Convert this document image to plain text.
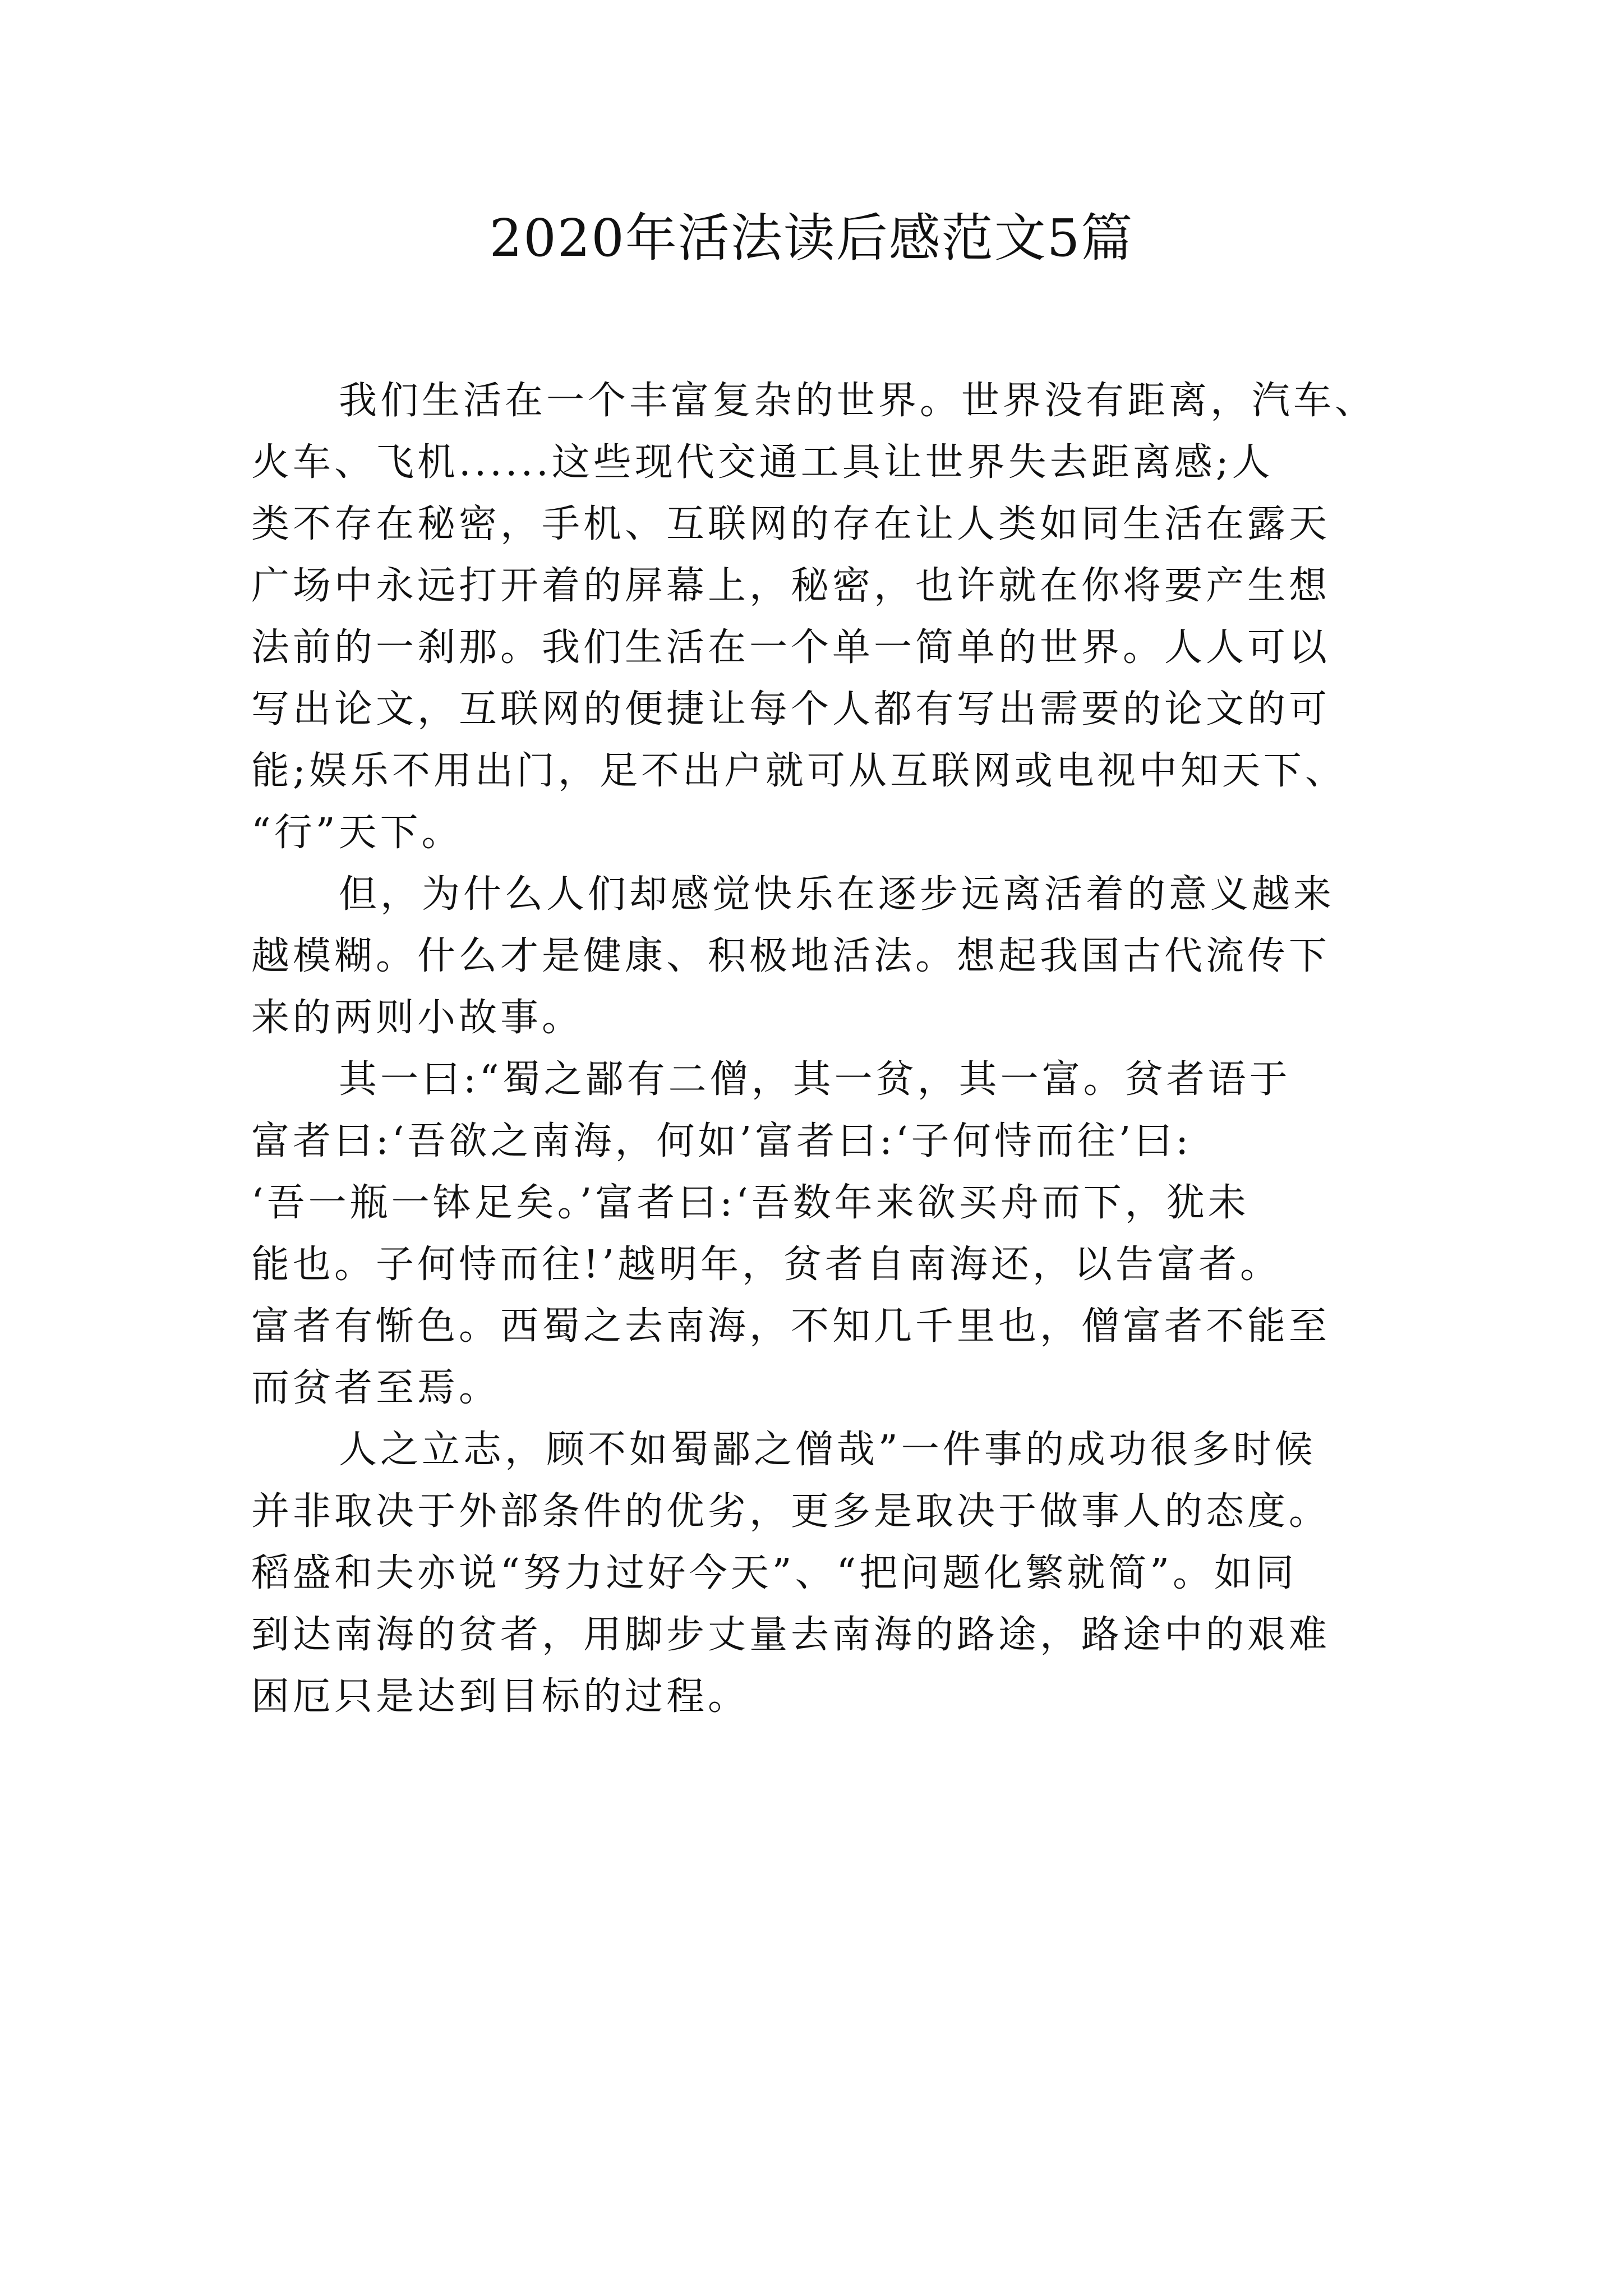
2020年活法读后感范文5篇
我们生活在一个丰富复杂的世界。世界没有距离，汽车、
火车、飞机......这些现代交通工具让世界失去距离感;人
类不存在秘密，手机、互联网的存在让人类如同生活在露天
广场中永远打开着的屏幕上，秘密，也许就在你将要产生想
法前的一刹那。我们生活在一个单一简单的世界。人人可以
写出论文，互联网的便捷让每个人都有写出需要的论文的可
能;娱乐不用出门，足不出户就可从互联网或电视中知天下、
“行”天下。
但，为什么人们却感觉快乐在逐步远离活着的意义越来
越模糊。什么才是健康、积极地活法。想起我国古代流传下
来的两则小故事。
其一曰:“蜀之鄙有二僧，其一贫，其一富。贫者语于
富者曰:‘吾欲之南海，何如’富者曰:‘子何恃而往’曰:
‘吾一瓶一钵足矣。’富者曰:‘吾数年来欲买舟而下，犹未
能也。子何恃而往!’越明年，贫者自南海还，以告富者。
富者有惭色。西蜀之去南海，不知几千里也，僧富者不能至
而贫者至焉。
人之立志，顾不如蜀鄙之僧哉”一件事的成功很多时候
并非取决于外部条件的优劣，更多是取决于做事人的态度。
稻盛和夫亦说“努力过好今天”、“把问题化繁就简”。如同
到达南海的贫者，用脚步丈量去南海的路途，路途中的艰难
困厄只是达到目标的过程。
